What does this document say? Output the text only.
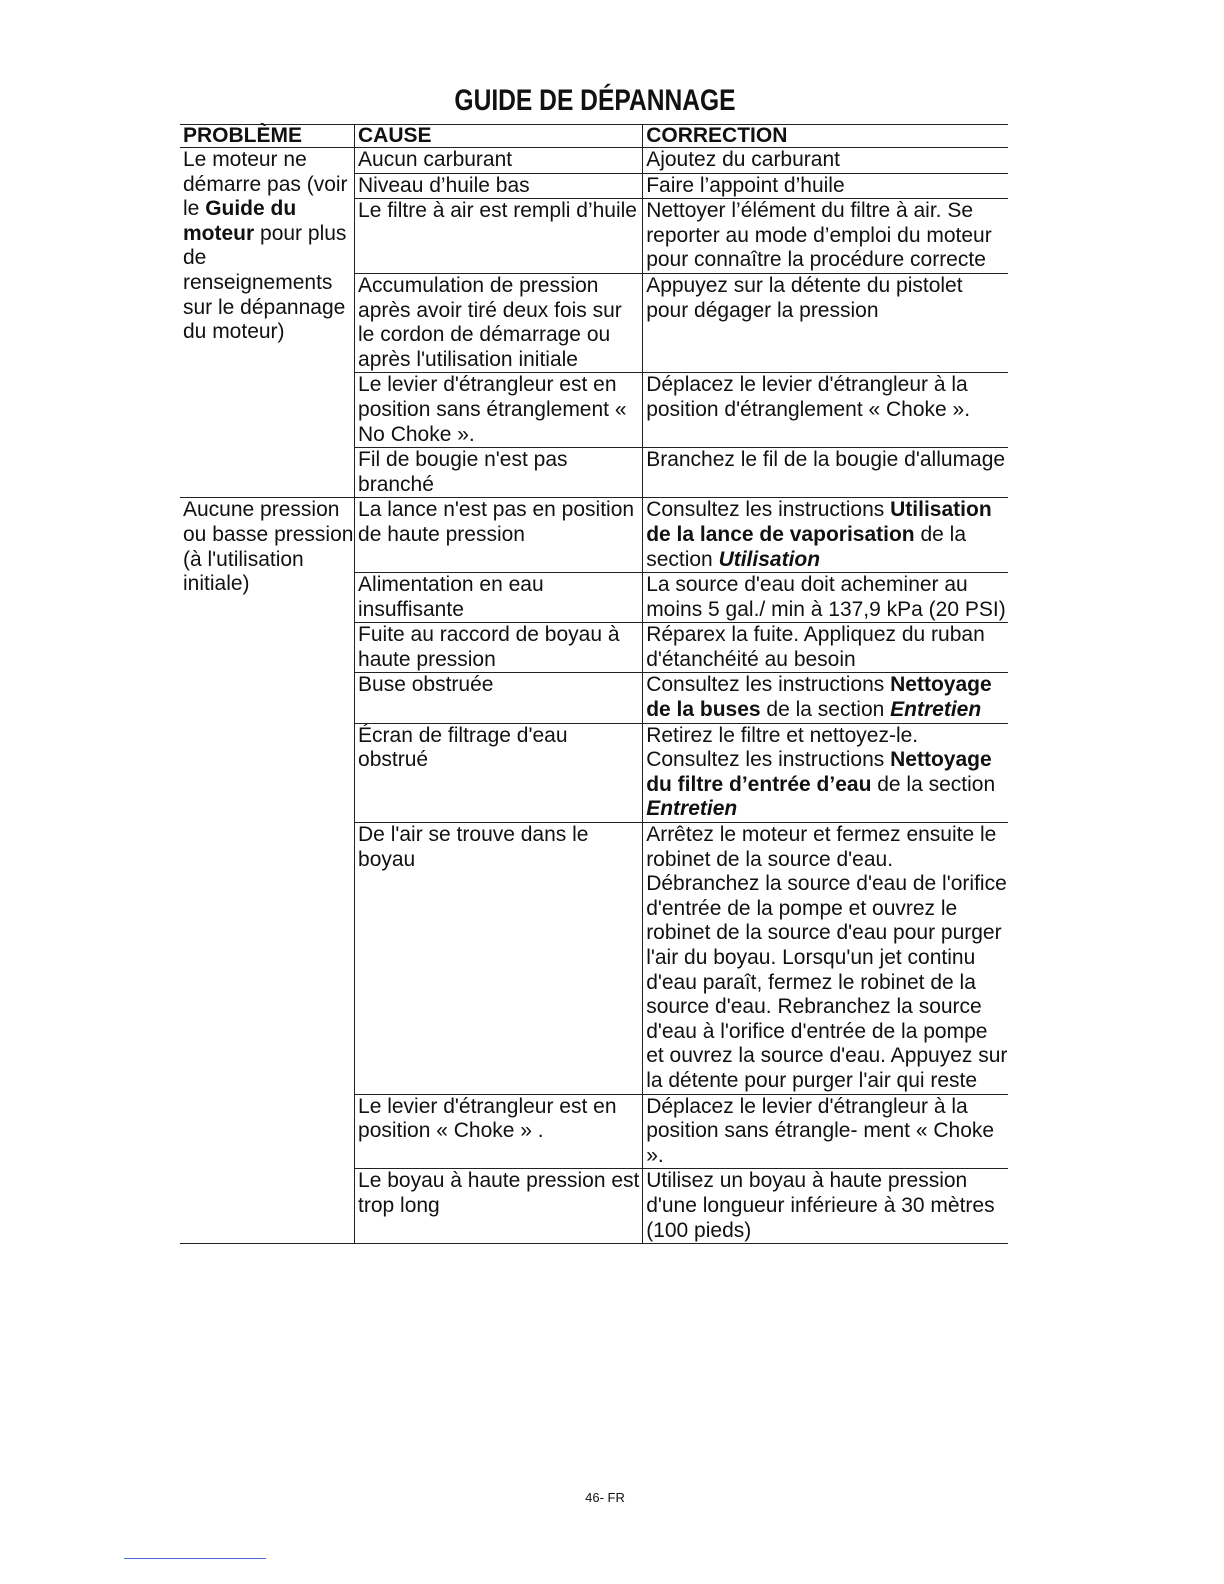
GUIDE DE DÉPANNAGE
PROBLÈME	CAUSE	CORRECTION
Le moteur ne démarre pas (voir le Guide du moteur pour plus de renseignements sur le dépannage du moteur)	Aucun carburant	Ajoutez du carburant
	Niveau d’huile bas	Faire l’appoint d’huile
	Le filtre à air est rempli d’huile	Nettoyer l’élément du filtre à air. Se reporter au mode d’emploi du moteur pour connaître la procédure correcte
	Accumulation de pression après avoir tiré deux fois sur le cordon de démarrage ou après l'utilisation initiale	Appuyez sur la détente du pistolet pour dégager la pression
	Le levier d'étrangleur est en position sans étranglement « No Choke ».	Déplacez le levier d'étrangleur à la position d'étranglement « Choke ».
	Fil de bougie n'est pas branché	Branchez le fil de la bougie d'allumage
Aucune pression ou basse pression (à l'utilisation initiale)	La lance n'est pas en position de haute pression	Consultez les instructions Utilisation de la lance de vaporisation de la section Utilisation
	Alimentation en eau insuffisante	La source d'eau doit acheminer au moins 5 gal./ min à 137,9 kPa (20 PSI)
	Fuite au raccord de boyau à haute pression	Réparex la fuite. Appliquez du ruban d'étanchéité au besoin
	Buse obstruée	Consultez les instructions Nettoyage de la buses de la section Entretien
	Écran de filtrage d'eau obstrué	Retirez le filtre et nettoyez-le. Consultez les instructions Nettoyage du filtre d’entrée d’eau de la section Entretien
	De l'air se trouve dans le boyau	Arrêtez le moteur et fermez ensuite le robinet de la source d'eau. Débranchez la source d'eau de l'orifice d'entrée de la pompe et ouvrez le robinet de la source d'eau pour purger l'air du boyau. Lorsqu'un jet continu d'eau paraît, fermez le robinet de la source d'eau. Rebranchez la source d'eau à l'orifice d'entrée de la pompe et ouvrez la source d'eau. Appuyez sur la détente pour purger l'air qui reste
	Le levier d'étrangleur est en position « Choke » .	Déplacez le levier d'étrangleur à la position sans étrangle- ment « Choke ».
	Le boyau à haute pression est trop long	Utilisez un boyau à haute pression d'une longueur inférieure à 30 mètres (100 pieds)
46- FR
